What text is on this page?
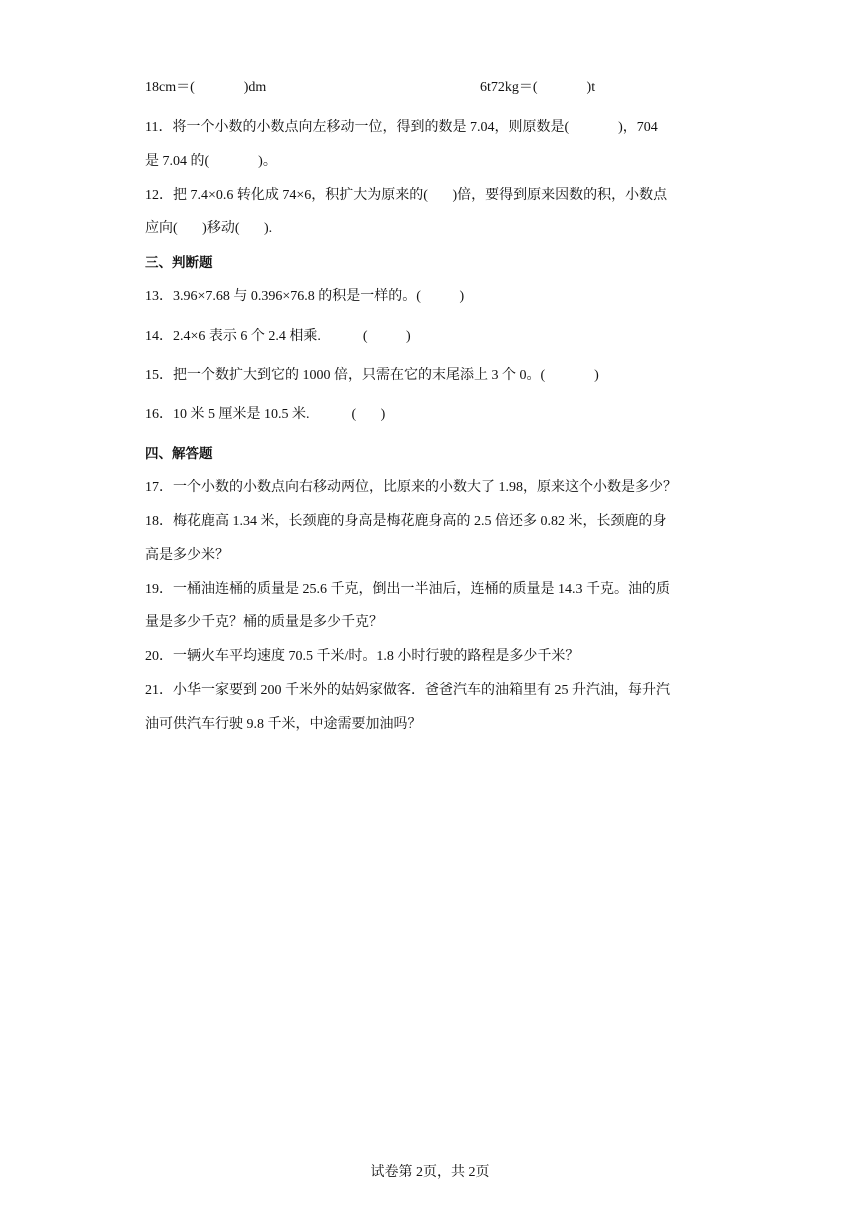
18cm＝(              )dm	6t72kg＝(              )t
11．将一个小数的小数点向左移动一位，得到的数是 7.04，则原数是(              )，704
是 7.04 的(              )。
12．把 7.4×0.6 转化成 74×6，积扩大为原来的(       )倍，要得到原来因数的积，小数点
应向(       )移动(       ).
三、判断题
13．3.96×7.68 与 0.396×76.8 的积是一样的。(           )
14．2.4×6 表示 6 个 2.4 相乘.            (           )
15．把一个数扩大到它的 1000 倍，只需在它的末尾添上 3 个 0。(              )
16．10 米 5 厘米是 10.5 米.            (       )
四、解答题
17．一个小数的小数点向右移动两位，比原来的小数大了 1.98，原来这个小数是多少？
18．梅花鹿高 1.34 米，长颈鹿的身高是梅花鹿身高的 2.5 倍还多 0.82 米，长颈鹿的身
高是多少米？
19．一桶油连桶的质量是 25.6 千克，倒出一半油后，连桶的质量是 14.3 千克。油的质
量是多少千克？桶的质量是多少千克？
20．一辆火车平均速度 70.5 千米/时。1.8 小时行驶的路程是多少千米？
21．小华一家要到 200 千米外的姑妈家做客．爸爸汽车的油箱里有 25 升汽油，每升汽
油可供汽车行驶 9.8 千米，中途需要加油吗？
试卷第 2页，共 2页
